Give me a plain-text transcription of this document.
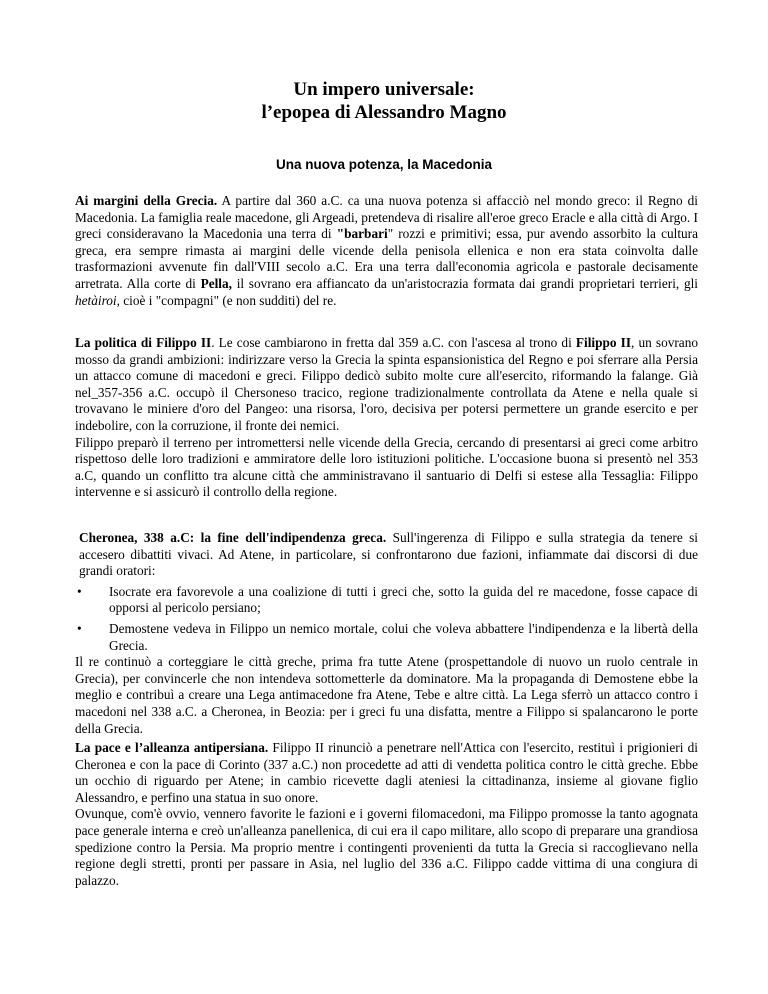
Un impero universale:
l’epopea di Alessandro Magno
Una nuova potenza, la Macedonia
Ai margini della Grecia. A partire dal 360 a.C. ca una nuova potenza si affacciò nel mondo greco: il Regno di Macedonia. La famiglia reale macedone, gli Argeadi, pretendeva di risalire all'eroe greco Eracle e alla città di Argo. I greci consideravano la Macedonia una terra di "barbari" rozzi e primitivi; essa, pur avendo assorbito la cultura greca, era sempre rimasta ai margini delle vicende della penisola ellenica e non era stata coinvolta dalle trasformazioni avvenute fin dall'VIII secolo a.C. Era una terra dall'economia agricola e pastorale decisamente arretrata. Alla corte di Pella, il sovrano era affiancato da un'aristocrazia formata dai grandi proprietari terrieri, gli hetàiroi, cioè i "compagni" (e non sudditi) del re.
La politica di Filippo II. Le cose cambiarono in fretta dal 359 a.C. con l'ascesa al trono di Filippo II, un sovrano mosso da grandi ambizioni: indirizzare verso la Grecia la spinta espansionistica del Regno e poi sferrare alla Persia un attacco comune di macedoni e greci. Filippo dedicò subito molte cure all'esercito, riformando la falange. Già nel_357-356 a.C. occupò il Chersoneso tracico, regione tradizionalmente controllata da Atene e nella quale si trovavano le miniere d'oro del Pangeo: una risorsa, l'oro, decisiva per potersi permettere un grande esercito e per indebolire, con la corruzione, il fronte dei nemici.
Filippo preparò il terreno per intromettersi nelle vicende della Grecia, cercando di presentarsi ai greci come arbitro rispettoso delle loro tradizioni e ammiratore delle loro istituzioni politiche. L'occasione buona si presentò nel 353 a.C, quando un conflitto tra alcune città che amministravano il santuario di Delfi si estese alla Tessaglia: Filippo intervenne e si assicurò il controllo della regione.
Cheronea, 338 a.C: la fine dell'indipendenza greca. Sull'ingerenza di Filippo e sulla strategia da tenere si accesero dibattiti vivaci. Ad Atene, in particolare, si confrontarono due fazioni, infiammate dai discorsi di due grandi oratori:
• Isocrate era favorevole a una coalizione di tutti i greci che, sotto la guida del re macedone, fosse capace di opporsi al pericolo persiano;
• Demostene vedeva in Filippo un nemico mortale, colui che voleva abbattere l'indipendenza e la libertà della Grecia.
Il re continuò a corteggiare le città greche, prima fra tutte Atene (prospettandole di nuovo un ruolo centrale in Grecia), per convincerle che non intendeva sottometterle da dominatore. Ma la propaganda di Demostene ebbe la meglio e contribuì a creare una Lega antimacedone fra Atene, Tebe e altre città. La Lega sferrò un attacco contro i macedoni nel 338 a.C. a Cheronea, in Beozia: per i greci fu una disfatta, mentre a Filippo si spalancarono le porte della Grecia.
La pace e l’alleanza antipersiana. Filippo II rinunciò a penetrare nell'Attica con l'esercito, restituì i prigionieri di Cheronea e con la pace di Corinto (337 a.C.) non procedette ad atti di vendetta politica contro le città greche. Ebbe un occhio di riguardo per Atene; in cambio ricevette dagli ateniesi la cittadinanza, insieme al giovane figlio Alessandro, e perfino una statua in suo onore.
Ovunque, com'è ovvio, vennero favorite le fazioni e i governi filomacedoni, ma Filippo promosse la tanto agognata pace generale interna e creò un'alleanza panellenica, di cui era il capo militare, allo scopo di preparare una grandiosa spedizione contro la Persia. Ma proprio mentre i contingenti provenienti da tutta la Grecia si raccoglievano nella regione degli stretti, pronti per passare in Asia, nel luglio del 336 a.C. Filippo cadde vittima di una congiura di palazzo.
